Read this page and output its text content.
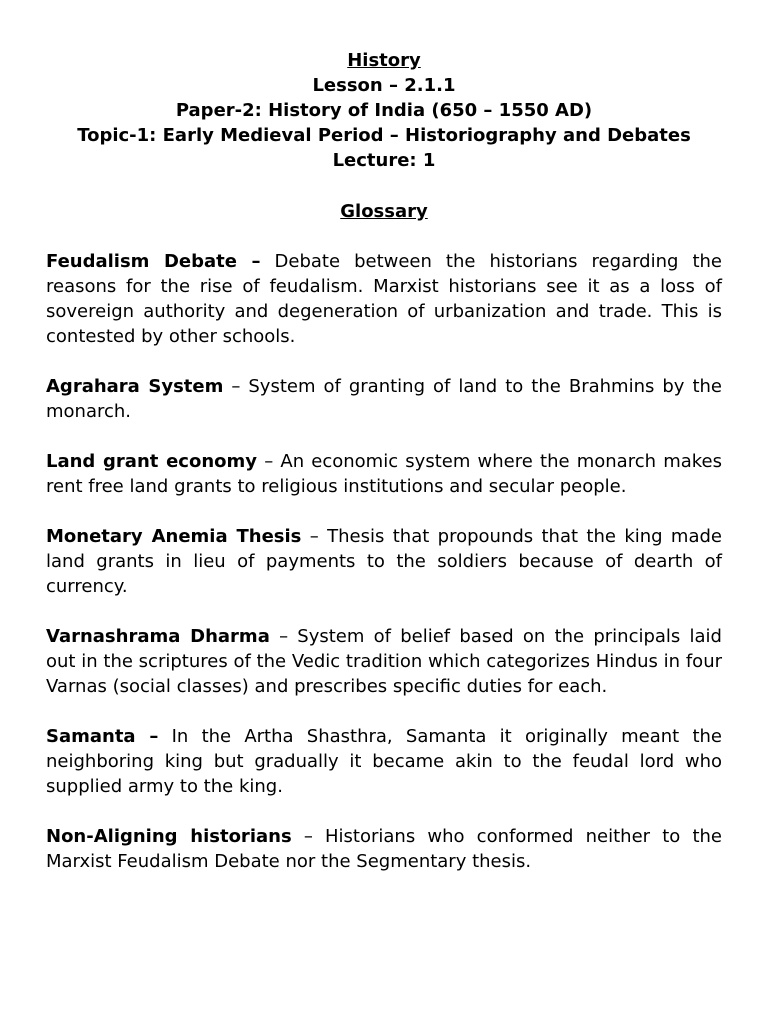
History
Lesson – 2.1.1
Paper-2: History of India (650 – 1550 AD)
Topic-1: Early Medieval Period – Historiography and Debates
Lecture: 1
Glossary

Feudalism Debate – Debate between the historians regarding the reasons for the rise of feudalism. Marxist historians see it as a loss of sovereign authority and degeneration of urbanization and trade. This is contested by other schools.

Agrahara System – System of granting of land to the Brahmins by the monarch.

Land grant economy – An economic system where the monarch makes rent free land grants to religious institutions and secular people.

Monetary Anemia Thesis – Thesis that propounds that the king made land grants in lieu of payments to the soldiers because of dearth of currency.

Varnashrama Dharma – System of belief based on the principals laid out in the scriptures of the Vedic tradition which categorizes Hindus in four Varnas (social classes) and prescribes specific duties for each.

Samanta – In the Artha Shasthra, Samanta it originally meant the neighboring king but gradually it became akin to the feudal lord who supplied army to the king.

Non-Aligning historians – Historians who conformed neither to the Marxist Feudalism Debate nor the Segmentary thesis.
